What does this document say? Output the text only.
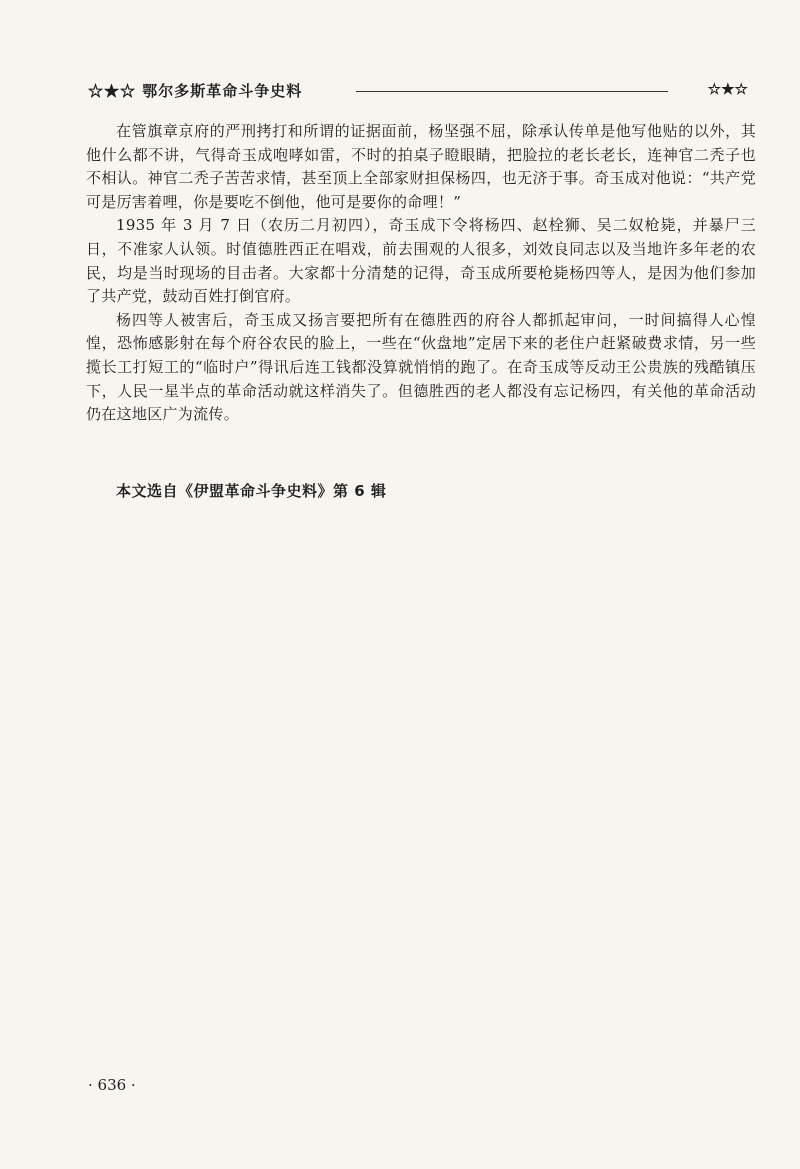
☆★☆ 鄂尔多斯革命斗争史料	☆★☆

在管旗章京府的严刑拷打和所谓的证据面前，杨坚强不屈，除承认传单是他写他贴的以外，其他什么都不讲，气得奇玉成咆哮如雷，不时的拍桌子瞪眼睛，把脸拉的老长老长，连神官二秃子也不相认。神官二秃子苦苦求情，甚至顶上全部家财担保杨四，也无济于事。奇玉成对他说：“共产党可是厉害着哩，你是要吃不倒他，他可是要你的命哩！”

1935 年 3 月 7 日（农历二月初四），奇玉成下令将杨四、赵栓狮、吴二奴枪毙，并暴尸三日，不准家人认领。时值德胜西正在唱戏，前去围观的人很多，刘效良同志以及当地许多年老的农民，均是当时现场的目击者。大家都十分清楚的记得，奇玉成所要枪毙杨四等人，是因为他们参加了共产党，鼓动百姓打倒官府。

杨四等人被害后，奇玉成又扬言要把所有在德胜西的府谷人都抓起审问，一时间搞得人心惶惶，恐怖感影射在每个府谷农民的脸上，一些在“伙盘地”定居下来的老住户赶紧破费求情，另一些揽长工打短工的“临时户”得讯后连工钱都没算就悄悄的跑了。在奇玉成等反动王公贵族的残酷镇压下，人民一星半点的革命活动就这样消失了。但德胜西的老人都没有忘记杨四，有关他的革命活动仍在这地区广为流传。

本文选自《伊盟革命斗争史料》第 6 辑
· 636 ·
